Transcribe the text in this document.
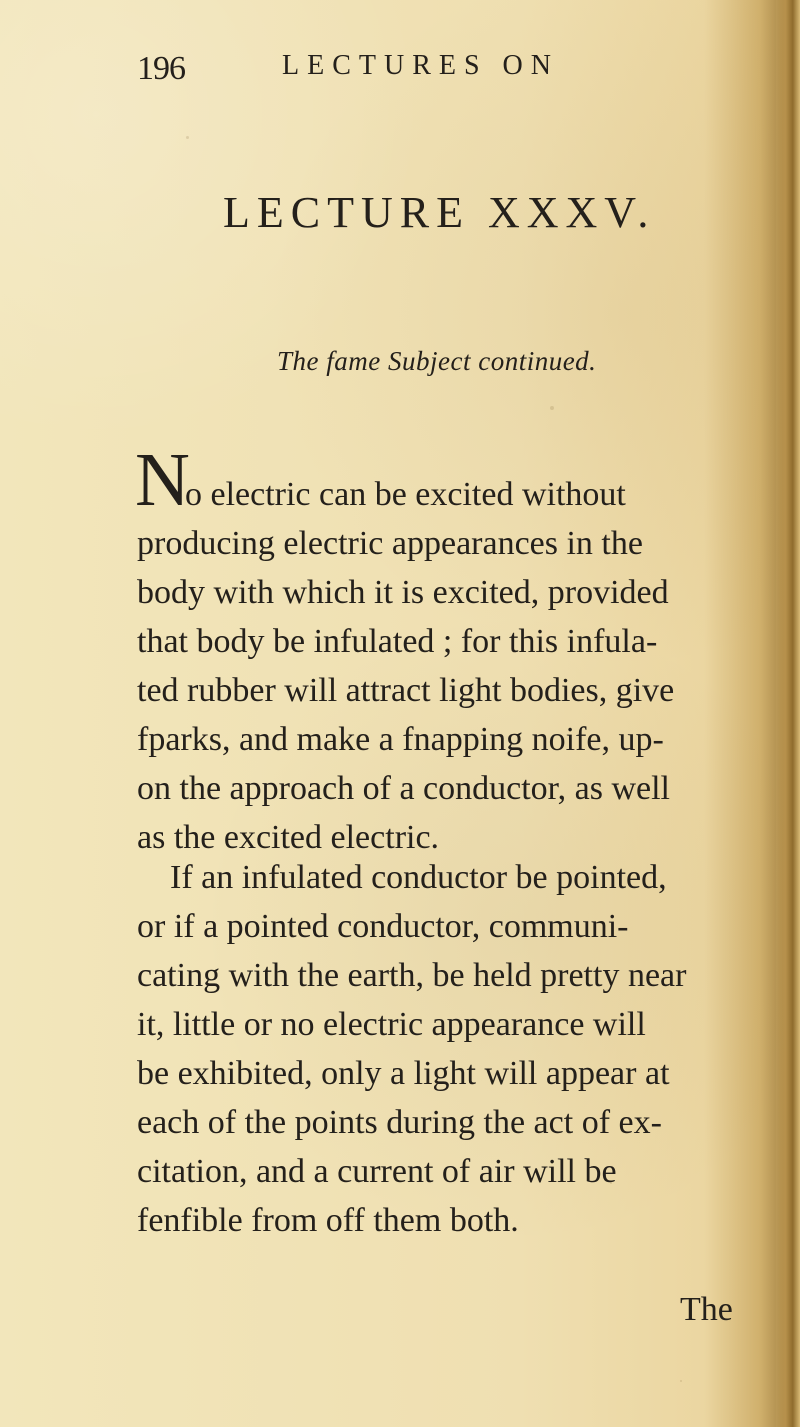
196	LECTURES ON
LECTURE XXXV.
The fame Subject continued.
N
o electric can be excited without
producing electric appearances in the
body with which it is excited, provided
that body be infulated ; for this infula-
ted rubber will attract light bodies, give
fparks, and make a fnapping noife, up-
on the approach of a conductor, as well
as the excited electric.
If an infulated conductor be pointed,
or if a pointed conductor, communi-
cating with the earth, be held pretty near
it, little or no electric appearance will
be exhibited, only a light will appear at
each of the points during the act of ex-
citation, and a current of air will be
fenfible from off them both.
The
